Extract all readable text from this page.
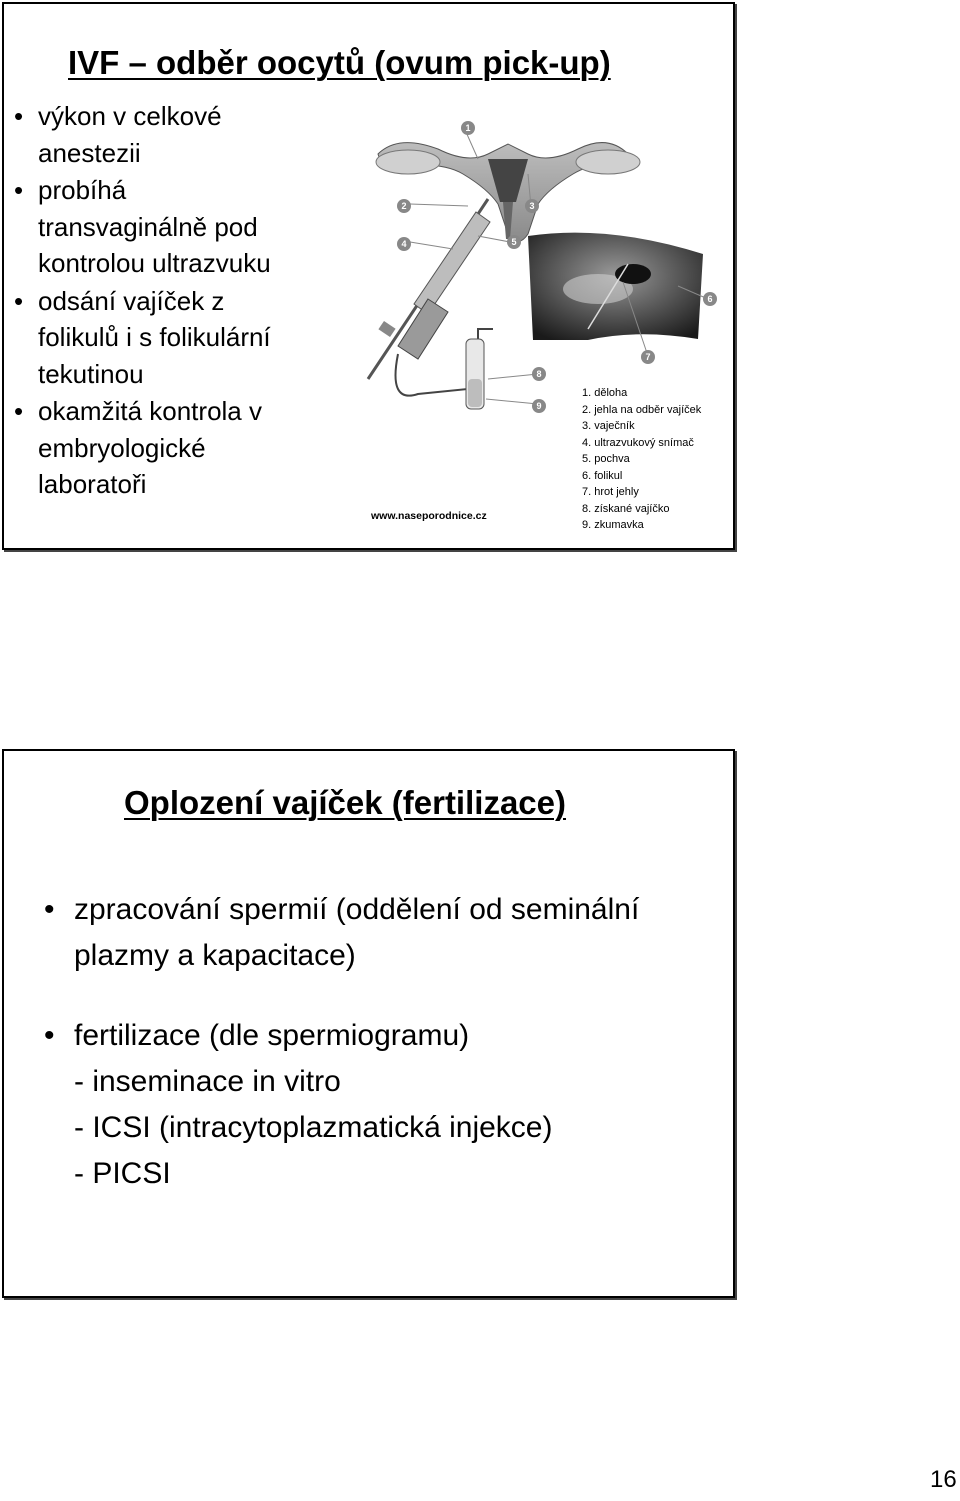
IVF – odběr oocytů (ovum pick-up)
• výkon v celkové
anestezii
• probíhá
transvaginálně pod
kontrolou ultrazvuku
• odsání vajíček z
folikulů i s folikulární
tekutinou
• okamžitá kontrola v
embryologické
laboratoři
1
2	3
4	5
6
7
8
9
1. děloha
2. jehla na odběr vajíček
3. vaječník
4. ultrazvukový snímač
5. pochva
6. folikul
7. hrot jehly
8. získané vajíčko
9. zkumavka
www.naseporodnice.cz
Oplození vajíček (fertilizace)
• zpracování spermií (oddělení od seminální
plazmy a kapacitace)
• fertilizace (dle spermiogramu)
- inseminace in vitro
- ICSI (intracytoplazmatická injekce)
- PICSI
16
